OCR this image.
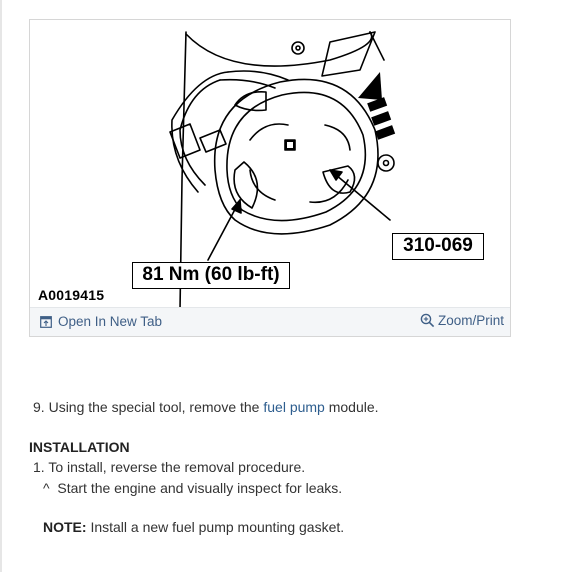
81 Nm (60 lb-ft)
310-069
A0019415
Open In New Tab	Zoom/Print
9. Using the special tool, remove the fuel pump module.
INSTALLATION
1. To install, reverse the removal procedure.
^ Start the engine and visually inspect for leaks.
NOTE: Install a new fuel pump mounting gasket.
